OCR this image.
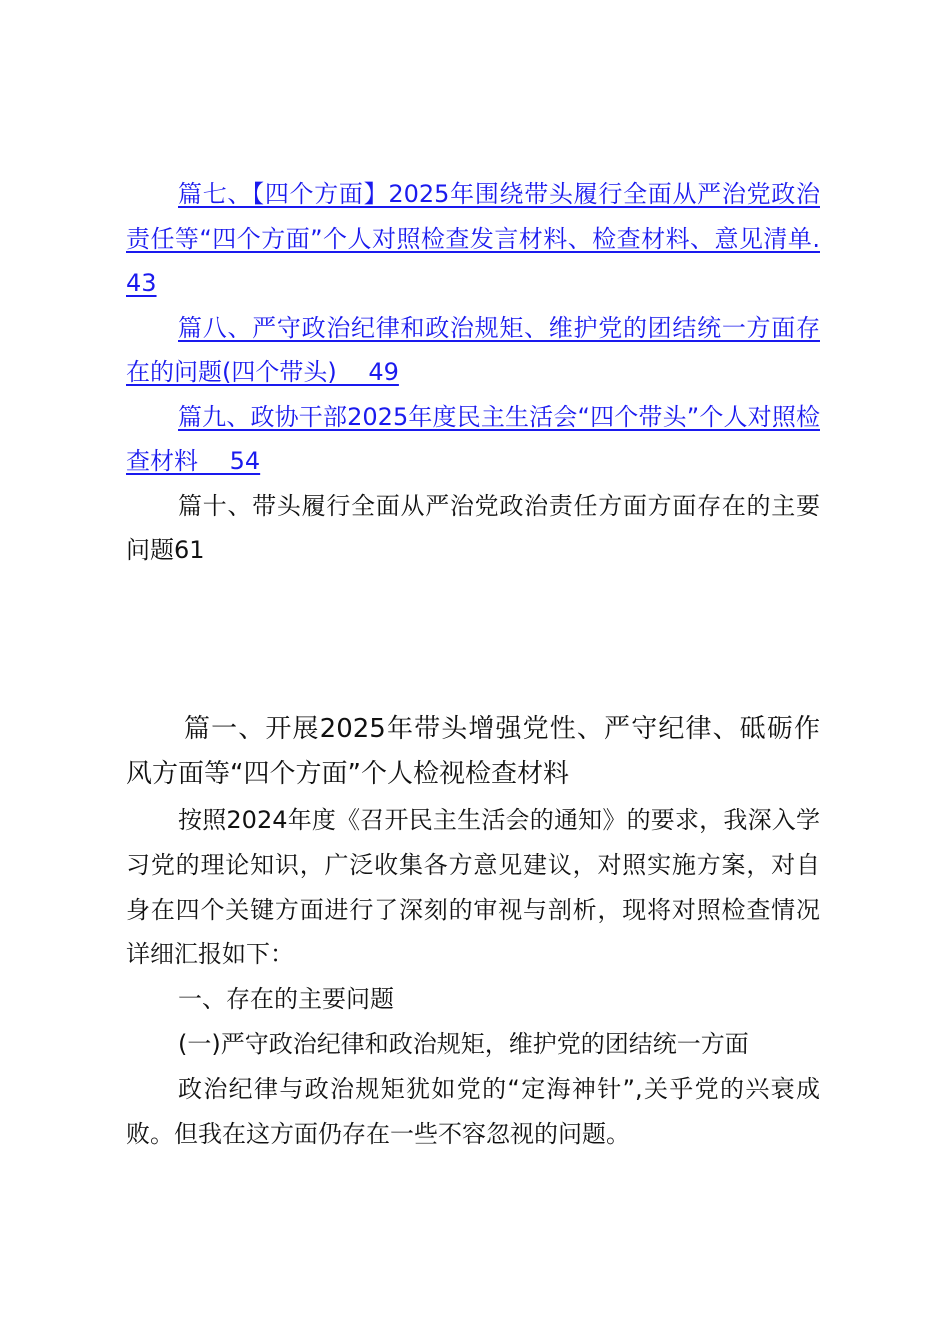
篇七、【四个方面】2025年围绕带头履行全面从严治党政治责任等“四个方面”个人对照检查发言材料、检查材料、意见清单.43

篇八、严守政治纪律和政治规矩、维护党的团结统一方面存在的问题(四个带头)　 49

篇九、政协干部2025年度民主生活会“四个带头”个人对照检查材料　 54

篇十、带头履行全面从严治党政治责任方面方面存在的主要问题61

篇一、开展2025年带头增强党性、严守纪律、砥砺作风方面等“四个方面”个人检视检查材料

按照2024年度《召开民主生活会的通知》的要求，我深入学习党的理论知识，广泛收集各方意见建议，对照实施方案，对自身在四个关键方面进行了深刻的审视与剖析，现将对照检查情况详细汇报如下：

一、存在的主要问题

(一)严守政治纪律和政治规矩，维护党的团结统一方面

政治纪律与政治规矩犹如党的“定海神针”,关乎党的兴衰成败。但我在这方面仍存在一些不容忽视的问题。
